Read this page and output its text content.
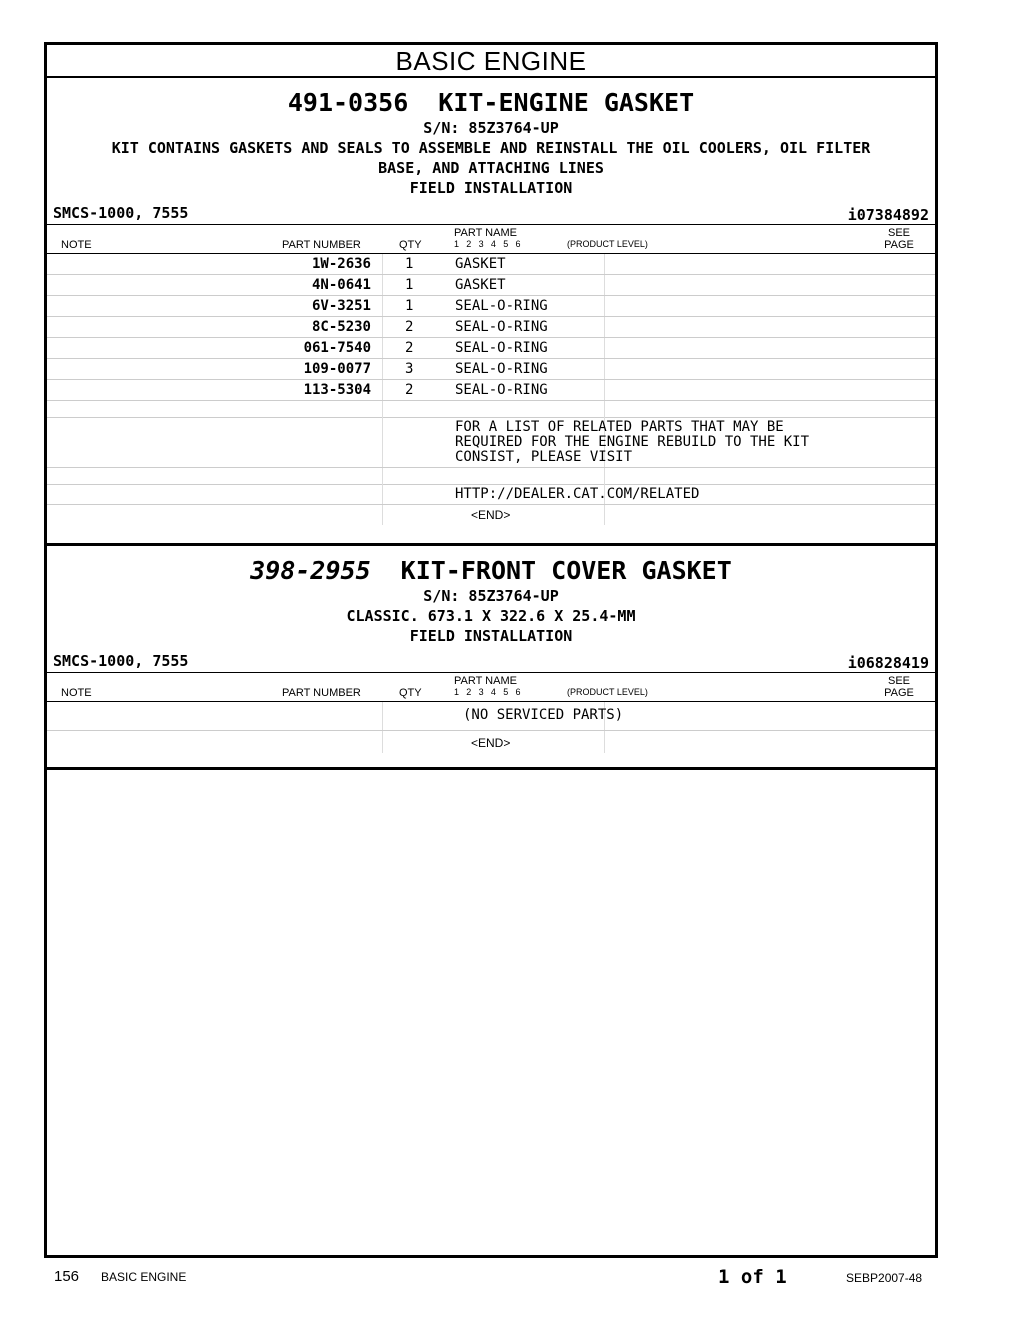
BASIC ENGINE
491-0356 KIT-ENGINE GASKET
S/N: 85Z3764-UP
KIT CONTAINS GASKETS AND SEALS TO ASSEMBLE AND REINSTALL THE OIL COOLERS, OIL FILTER
BASE, AND ATTACHING LINES
FIELD INSTALLATION
SMCS-1000, 7555	i07384892
NOTE	PART NUMBER	QTY
PART NAME
1 2 3 4 5 6	(PRODUCT LEVEL)
SEE
PAGE
1W-2636 1	GASKET
4N-0641 1	GASKET
6V-3251 1	SEAL-O-RING
8C-5230 2	SEAL-O-RING
061-7540 2	SEAL-O-RING
109-0077 3	SEAL-O-RING
113-5304 2	SEAL-O-RING
FOR A LIST OF RELATED PARTS THAT MAY BE
REQUIRED FOR THE ENGINE REBUILD TO THE KIT
CONSIST, PLEASE VISIT
HTTP://DEALER.CAT.COM/RELATED
<END>
398-2955 KIT-FRONT COVER GASKET
S/N: 85Z3764-UP
CLASSIC. 673.1 X 322.6 X 25.4-MM
FIELD INSTALLATION
SMCS-1000, 7555	i06828419
NOTE	PART NUMBER	QTY
PART NAME
1 2 3 4 5 6	(PRODUCT LEVEL)
SEE
PAGE
(NO SERVICED PARTS)
<END>
156 BASIC ENGINE	1 of 1	SEBP2007-48
